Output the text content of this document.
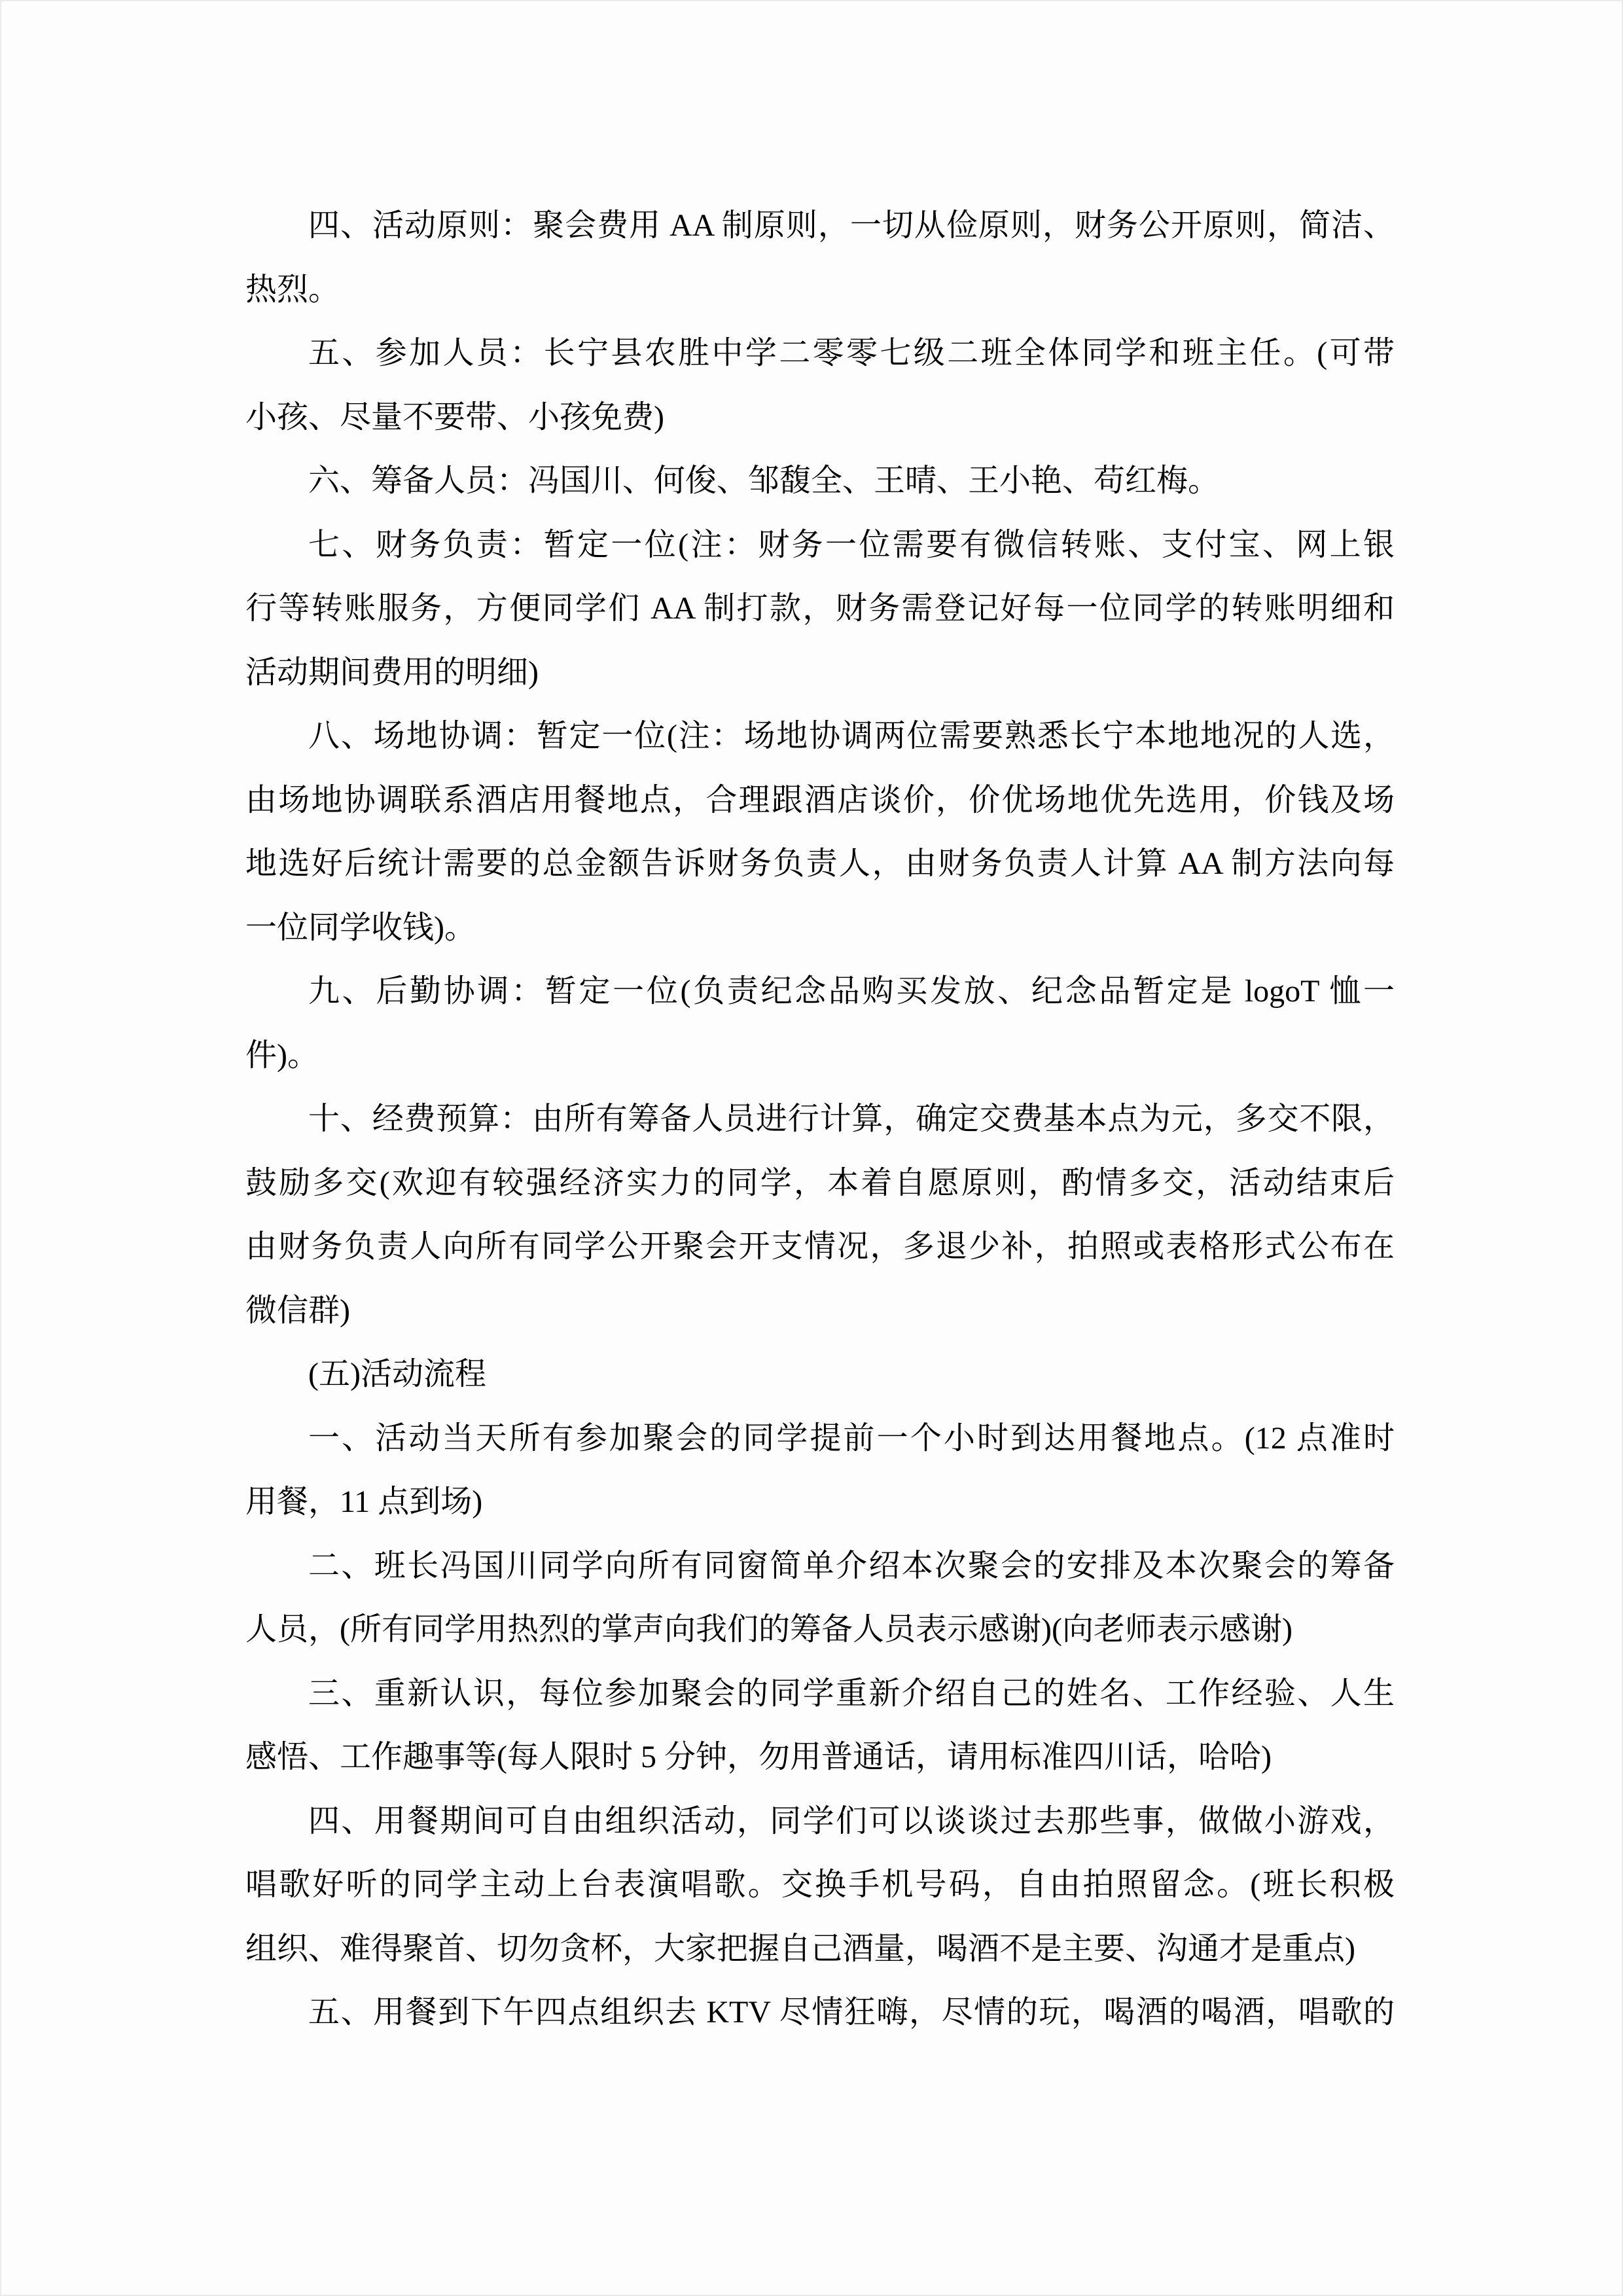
四、活动原则：聚会费用 AA 制原则，一切从俭原则，财务公开原则，简洁、
热烈。
五、参加人员：长宁县农胜中学二零零七级二班全体同学和班主任。(可带
小孩、尽量不要带、小孩免费)
六、筹备人员：冯国川、何俊、邹馥全、王晴、王小艳、苟红梅。
七、财务负责：暂定一位(注：财务一位需要有微信转账、支付宝、网上银
行等转账服务，方便同学们 AA 制打款，财务需登记好每一位同学的转账明细和
活动期间费用的明细)
八、场地协调：暂定一位(注：场地协调两位需要熟悉长宁本地地况的人选，
由场地协调联系酒店用餐地点，合理跟酒店谈价，价优场地优先选用，价钱及场
地选好后统计需要的总金额告诉财务负责人，由财务负责人计算 AA 制方法向每
一位同学收钱)。
九、后勤协调：暂定一位(负责纪念品购买发放、纪念品暂定是 logoT 恤一
件)。
十、经费预算：由所有筹备人员进行计算，确定交费基本点为元，多交不限，
鼓励多交(欢迎有较强经济实力的同学，本着自愿原则，酌情多交，活动结束后
由财务负责人向所有同学公开聚会开支情况，多退少补，拍照或表格形式公布在
微信群)
(五)活动流程
一、活动当天所有参加聚会的同学提前一个小时到达用餐地点。(12 点准时
用餐，11 点到场)
二、班长冯国川同学向所有同窗简单介绍本次聚会的安排及本次聚会的筹备
人员，(所有同学用热烈的掌声向我们的筹备人员表示感谢)(向老师表示感谢)
三、重新认识，每位参加聚会的同学重新介绍自己的姓名、工作经验、人生
感悟、工作趣事等(每人限时 5 分钟，勿用普通话，请用标准四川话，哈哈)
四、用餐期间可自由组织活动，同学们可以谈谈过去那些事，做做小游戏，
唱歌好听的同学主动上台表演唱歌。交换手机号码，自由拍照留念。(班长积极
组织、难得聚首、切勿贪杯，大家把握自己酒量，喝酒不是主要、沟通才是重点)
五、用餐到下午四点组织去 KTV 尽情狂嗨，尽情的玩，喝酒的喝酒，唱歌的
